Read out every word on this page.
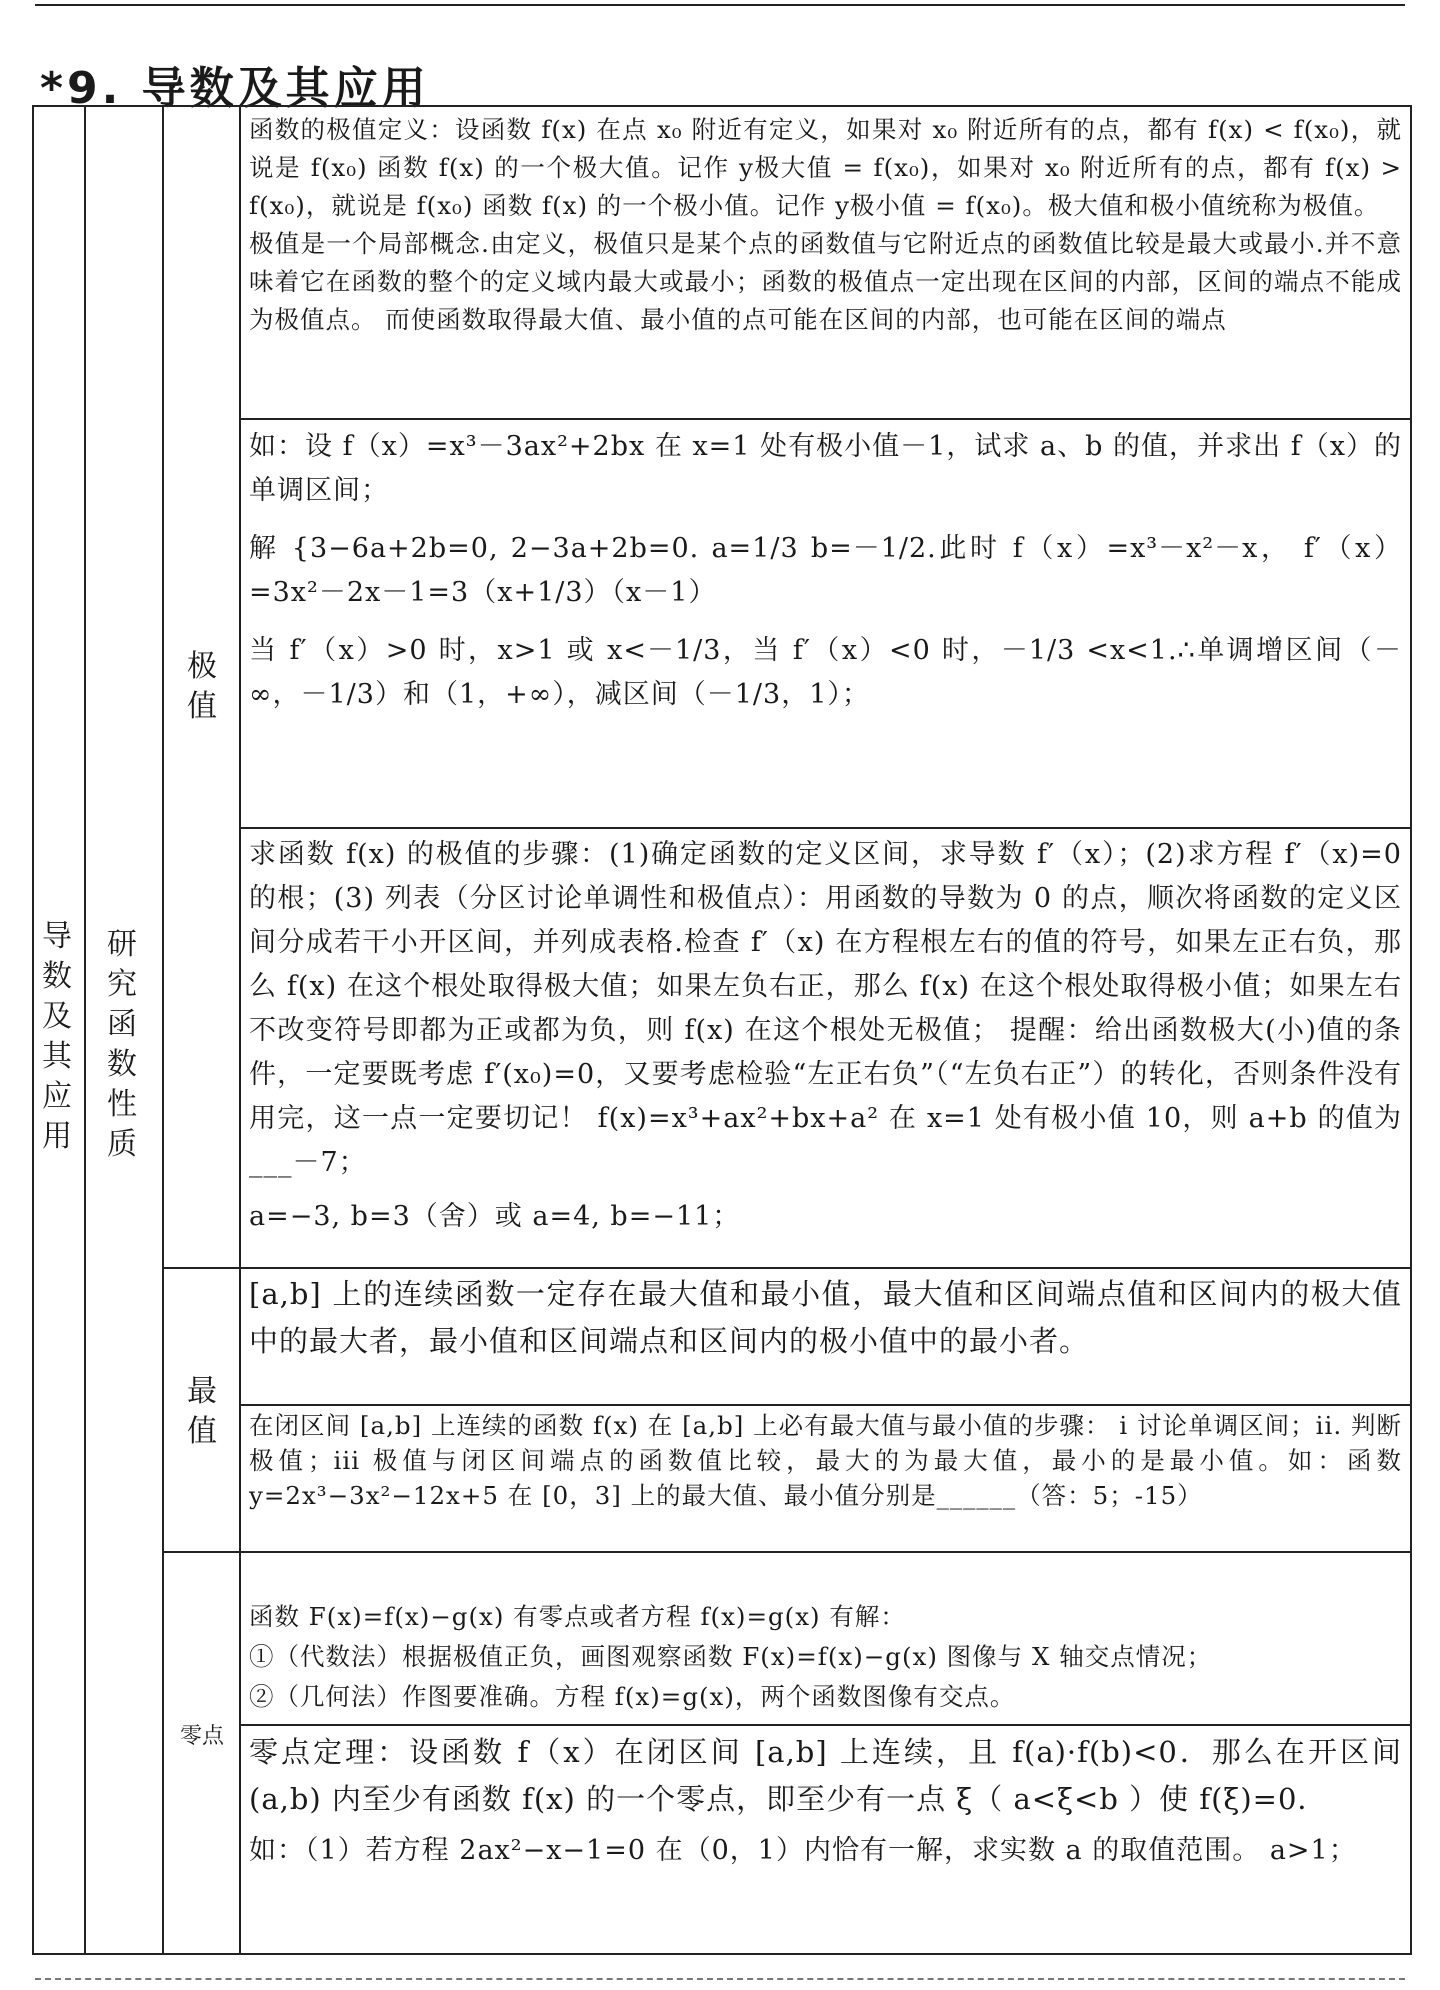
*9. 导数及其应用
导数及其应用
研究函数性质
极值
最值
零点

函数的极值定义：设函数 f(x) 在点 x₀ 附近有定义，如果对 x₀ 附近所有的点，都有 f(x) < f(x₀)，就说是 f(x₀) 函数 f(x) 的一个极大值。记作 y极大值 = f(x₀)，如果对 x₀ 附近所有的点，都有 f(x) > f(x₀)，就说是 f(x₀) 函数 f(x) 的一个极小值。记作 y极小值 = f(x₀)。极大值和极小值统称为极值。

极值是一个局部概念.由定义，极值只是某个点的函数值与它附近点的函数值比较是最大或最小.并不意味着它在函数的整个的定义域内最大或最小；函数的极值点一定出现在区间的内部，区间的端点不能成为极值点。 而使函数取得最大值、最小值的点可能在区间的内部，也可能在区间的端点

如：设 f（x）=x³－3ax²+2bx 在 x=1 处有极小值－1，试求 a、b 的值，并求出 f（x）的单调区间；

解 {3−6a+2b=0, 2−3a+2b=0. a=1/3 b=－1/2.此时 f（x）=x³－x²－x， f′（x）=3x²－2x－1=3（x+1/3）（x－1）

当 f′（x）>0 时，x>1 或 x<－1/3，当 f′（x）<0 时，－1/3 <x<1.∴单调增区间（－∞，－1/3）和（1，+∞），减区间（－1/3，1）；

求函数 f(x) 的极值的步骤：(1)确定函数的定义区间，求导数 f′（x）；(2)求方程 f′（x)=0 的根；(3) 列表（分区讨论单调性和极值点）：用函数的导数为 0 的点，顺次将函数的定义区间分成若干小开区间，并列成表格.检查 f′（x) 在方程根左右的值的符号，如果左正右负，那么 f(x) 在这个根处取得极大值；如果左负右正，那么 f(x) 在这个根处取得极小值；如果左右不改变符号即都为正或都为负，则 f(x) 在这个根处无极值； 提醒：给出函数极大(小)值的条件，一定要既考虑 f′(x₀)=0，又要考虑检验“左正右负”（“左负右正”）的转化，否则条件没有用完，这一点一定要切记！ f(x)=x³+ax²+bx+a² 在 x=1 处有极小值 10，则 a+b 的值为___－7；

a=−3, b=3（舍）或 a=4, b=−11；

[a,b] 上的连续函数一定存在最大值和最小值，最大值和区间端点值和区间内的极大值中的最大者，最小值和区间端点和区间内的极小值中的最小者。

在闭区间 [a,b] 上连续的函数 f(x) 在 [a,b] 上必有最大值与最小值的步骤： i 讨论单调区间；ii. 判断极值；iii 极值与闭区间端点的函数值比较，最大的为最大值，最小的是最小值。如：函数 y=2x³−3x²−12x+5 在 [0，3] 上的最大值、最小值分别是______（答：5；-15）

函数 F(x)=f(x)−g(x) 有零点或者方程 f(x)=g(x) 有解：
①（代数法）根据极值正负，画图观察函数 F(x)=f(x)−g(x) 图像与 X 轴交点情况；
②（几何法）作图要准确。方程 f(x)=g(x)，两个函数图像有交点。

零点定理：设函数 f（x）在闭区间 [a,b] 上连续，且 f(a)·f(b)<0．那么在开区间 (a,b) 内至少有函数 f(x) 的一个零点，即至少有一点 ξ（ a<ξ<b ）使 f(ξ)=0．

如：（1）若方程 2ax²−x−1=0 在（0，1）内恰有一解，求实数 a 的取值范围。 a>1；
